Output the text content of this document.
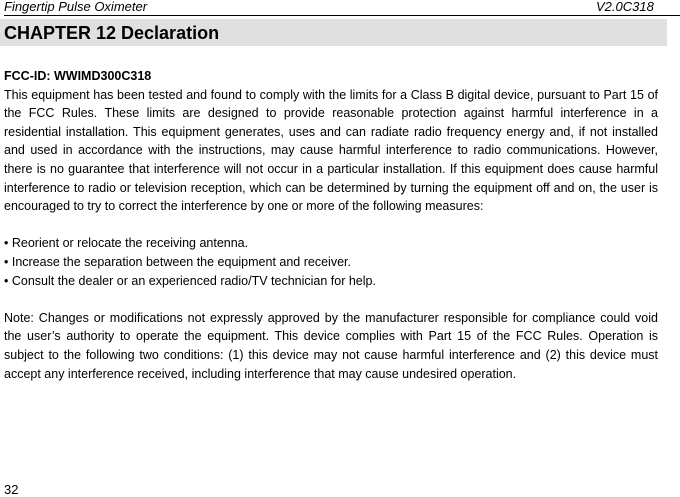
Fingertip Pulse Oximeter	V2.0C318
CHAPTER 12 Declaration

FCC-ID: WWIMD300C318

This equipment has been tested and found to comply with the limits for a Class B digital device, pursuant to Part 15 of the FCC Rules. These limits are designed to provide reasonable protection against harmful interference in a residential installation. This equipment generates, uses and can radiate radio frequency energy and, if not installed and used in accordance with the instructions, may cause harmful interference to radio communications. However, there is no guarantee that interference will not occur in a particular installation. If this equipment does cause harmful interference to radio or television reception, which can be determined by turning the equipment off and on, the user is encouraged to try to correct the interference by one or more of the following measures:

• Reorient or relocate the receiving antenna.

• Increase the separation between the equipment and receiver.

• Consult the dealer or an experienced radio/TV technician for help.

Note: Changes or modifications not expressly approved by the manufacturer responsible for compliance could void the user’s authority to operate the equipment. This device complies with Part 15 of the FCC Rules. Operation is subject to the following two conditions: (1) this device may not cause harmful interference and (2) this device must accept any interference received, including interference that may cause undesired operation.

32
